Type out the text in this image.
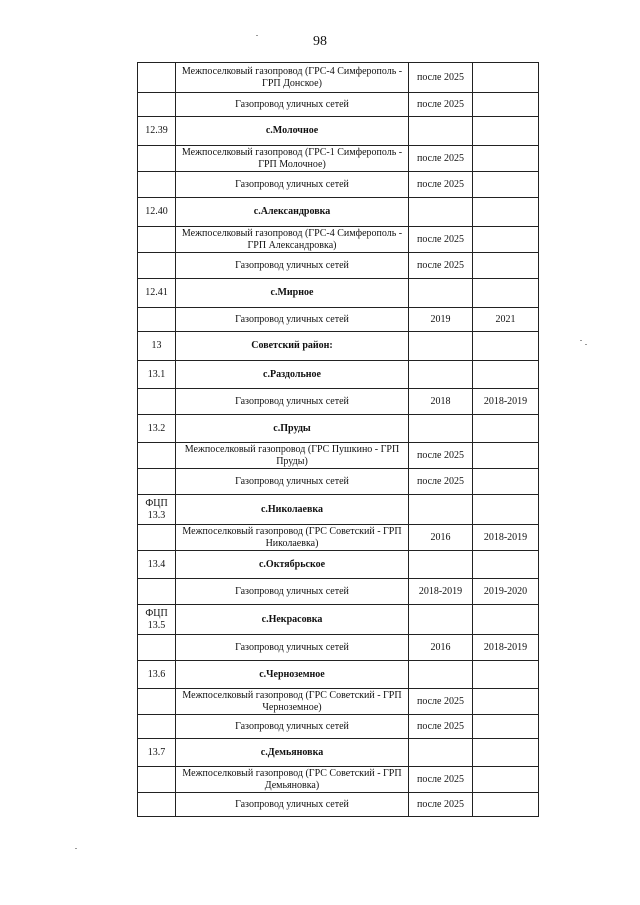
98
	Межпоселковый газопровод (ГРС-4 Симферополь - ГРП Донское)	после 2025	
	Газопровод уличных сетей	после 2025	
12.39	с.Молочное		
	Межпоселковый газопровод (ГРС-1 Симферополь - ГРП Молочное)	после 2025	
	Газопровод уличных сетей	после 2025	
12.40	с.Александровка		
	Межпоселковый газопровод (ГРС-4 Симферополь - ГРП Александровка)	после 2025	
	Газопровод уличных сетей	после 2025	
12.41	с.Мирное		
	Газопровод уличных сетей	2019	2021
13	Советский район:		
13.1	с.Раздольное		
	Газопровод уличных сетей	2018	2018-2019
13.2	с.Пруды		
	Межпоселковый газопровод (ГРС Пушкино - ГРП Пруды)	после 2025	
	Газопровод уличных сетей	после 2025	
ФЦП 13.3	с.Николаевка		
	Межпоселковый газопровод (ГРС Советский - ГРП Николаевка)	2016	2018-2019
13.4	с.Октябрьское		
	Газопровод уличных сетей	2018-2019	2019-2020
ФЦП 13.5	с.Некрасовка		
	Газопровод уличных сетей	2016	2018-2019
13.6	с.Черноземное		
	Межпоселковый газопровод (ГРС Советский - ГРП Черноземное)	после 2025	
	Газопровод уличных сетей	после 2025	
13.7	с.Демьяновка		
	Межпоселковый газопровод (ГРС Советский - ГРП Демьяновка)	после 2025	
	Газопровод уличных сетей	после 2025	
